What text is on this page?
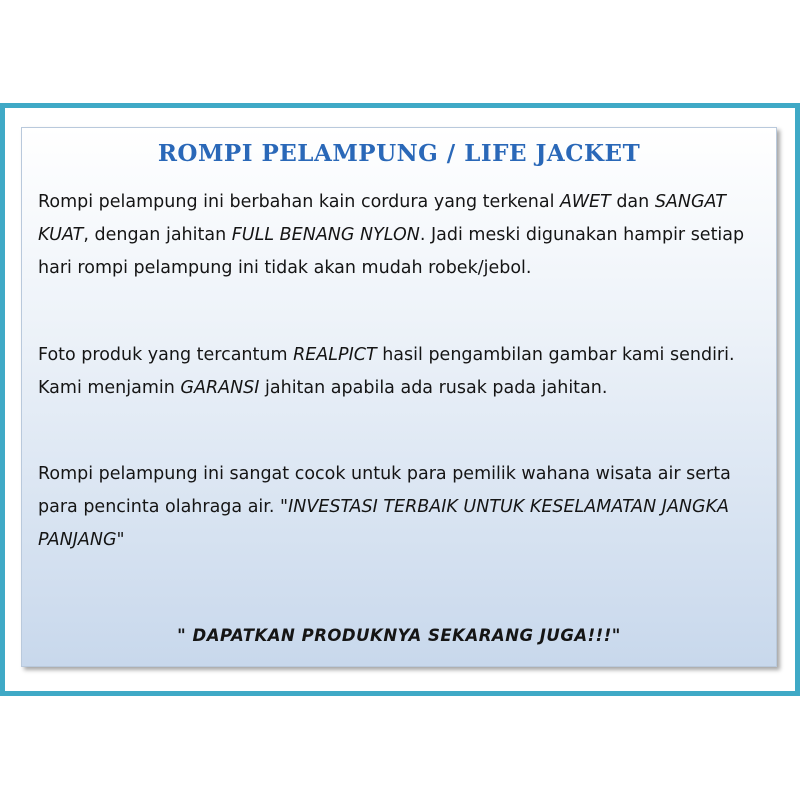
ROMPI PELAMPUNG / LIFE JACKET

Rompi pelampung ini berbahan kain cordura yang terkenal AWET dan SANGAT KUAT, dengan jahitan FULL BENANG NYLON. Jadi meski digunakan hampir setiap hari rompi pelampung ini tidak akan mudah robek/jebol.

Foto produk yang tercantum REALPICT hasil pengambilan gambar kami sendiri. Kami menjamin GARANSI jahitan apabila ada rusak pada jahitan.

Rompi pelampung ini sangat cocok untuk para pemilik wahana wisata air serta para pencinta olahraga air. "INVESTASI TERBAIK UNTUK KESELAMATAN JANGKA PANJANG"

" DAPATKAN PRODUKNYA SEKARANG JUGA!!!"
